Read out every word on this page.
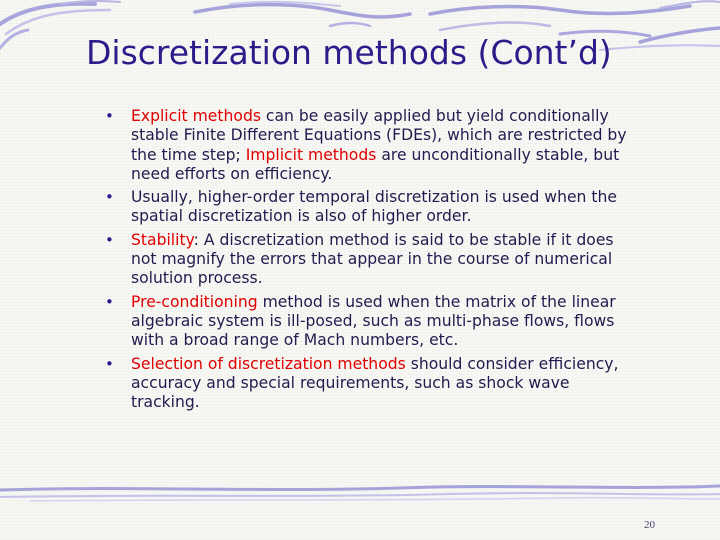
Discretization methods (Cont’d)
• Explicit methods can be easily applied but yield conditionally stable Finite Different Equations (FDEs), which are restricted by the time step; Implicit methods are unconditionally stable, but need efforts on efficiency.
• Usually, higher-order temporal discretization is used when the spatial discretization is also of higher order.
• Stability: A discretization method is said to be stable if it does not magnify the errors that appear in the course of numerical solution process.
• Pre-conditioning method is used when the matrix of the linear algebraic system is ill-posed, such as multi-phase flows, flows with a broad range of Mach numbers, etc.
• Selection of discretization methods should consider efficiency, accuracy and special requirements, such as shock wave tracking.
20
